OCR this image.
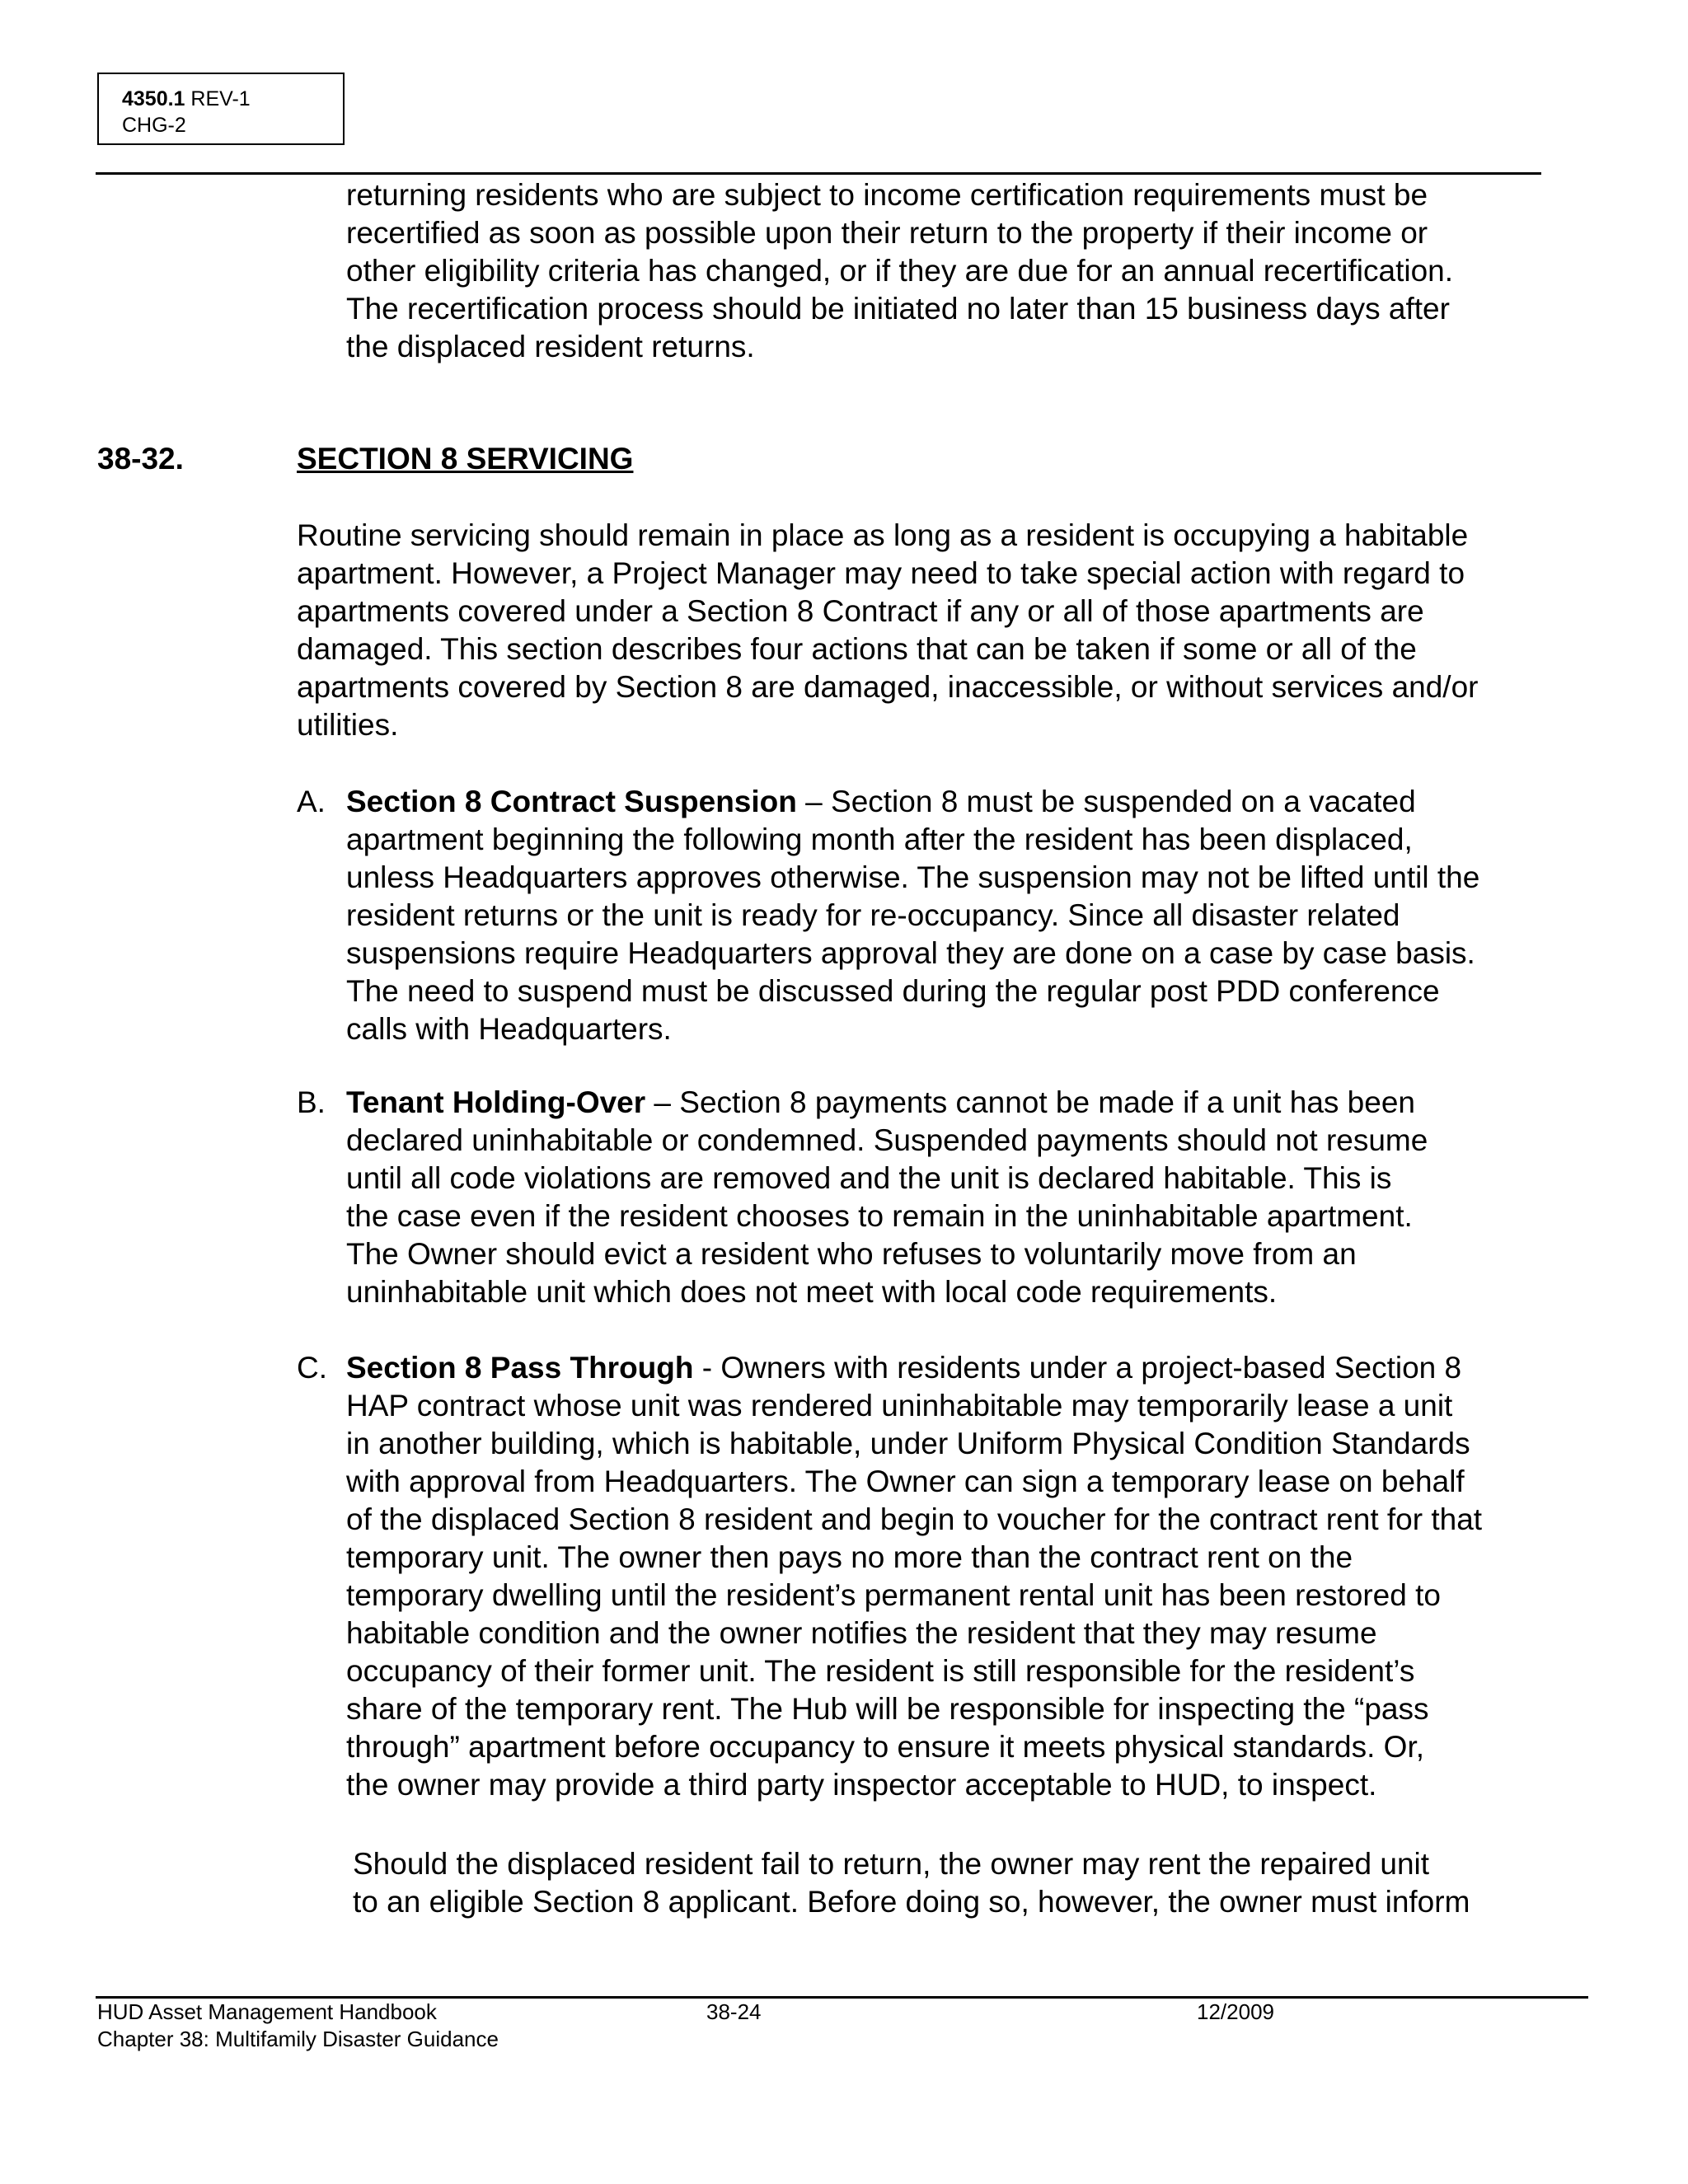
4350.1 REV-1
CHG-2
returning residents who are subject to income certification requirements must be
recertified as soon as possible upon their return to the property if their income or
other eligibility criteria has changed, or if they are due for an annual recertification.
The recertification process should be initiated no later than 15 business days after
the displaced resident returns.
38-32.	SECTION 8 SERVICING
Routine servicing should remain in place as long as a resident is occupying a habitable
apartment. However, a Project Manager may need to take special action with regard to
apartments covered under a Section 8 Contract if any or all of those apartments are
damaged. This section describes four actions that can be taken if some or all of the
apartments covered by Section 8 are damaged, inaccessible, or without services and/or
utilities.
A. Section 8 Contract Suspension – Section 8 must be suspended on a vacated
apartment beginning the following month after the resident has been displaced,
unless Headquarters approves otherwise. The suspension may not be lifted until the
resident returns or the unit is ready for re-occupancy. Since all disaster related
suspensions require Headquarters approval they are done on a case by case basis.
The need to suspend must be discussed during the regular post PDD conference
calls with Headquarters.
B. Tenant Holding-Over – Section 8 payments cannot be made if a unit has been
declared uninhabitable or condemned. Suspended payments should not resume
until all code violations are removed and the unit is declared habitable. This is
the case even if the resident chooses to remain in the uninhabitable apartment.
The Owner should evict a resident who refuses to voluntarily move from an
uninhabitable unit which does not meet with local code requirements.
C. Section 8 Pass Through - Owners with residents under a project-based Section 8
HAP contract whose unit was rendered uninhabitable may temporarily lease a unit
in another building, which is habitable, under Uniform Physical Condition Standards
with approval from Headquarters. The Owner can sign a temporary lease on behalf
of the displaced Section 8 resident and begin to voucher for the contract rent for that
temporary unit. The owner then pays no more than the contract rent on the
temporary dwelling until the resident’s permanent rental unit has been restored to
habitable condition and the owner notifies the resident that they may resume
occupancy of their former unit. The resident is still responsible for the resident’s
share of the temporary rent. The Hub will be responsible for inspecting the “pass
through” apartment before occupancy to ensure it meets physical standards. Or,
the owner may provide a third party inspector acceptable to HUD, to inspect.
Should the displaced resident fail to return, the owner may rent the repaired unit
to an eligible Section 8 applicant. Before doing so, however, the owner must inform
HUD Asset Management Handbook
Chapter 38: Multifamily Disaster Guidance
38-24	12/2009
